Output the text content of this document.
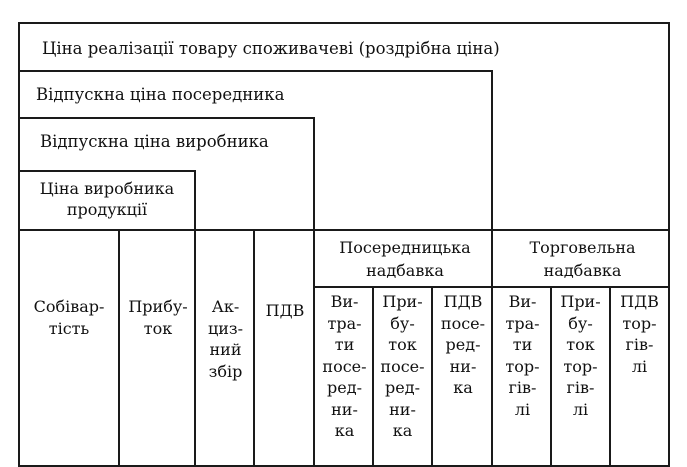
Ціна реалізації товару споживачеві (роздрібна ціна)
Відпускна ціна посередника
Відпускна ціна виробника
Ціна виробника
продукції
Собівар-
тість
Прибу-
ток
Ак-
циз-
ний
збір
ПДВ
Посередницька
надбавка
Торговельна
надбавка
Ви-
тра-
ти
посе-
ред-
ни-
ка
При-
бу-
ток
посе-
ред-
ни-
ка
ПДВ
посе-
ред-
ни-
ка
Ви-
тра-
ти
тор-
гів-
лі
При-
бу-
ток
тор-
гів-
лі
ПДВ
тор-
гів-
лі
